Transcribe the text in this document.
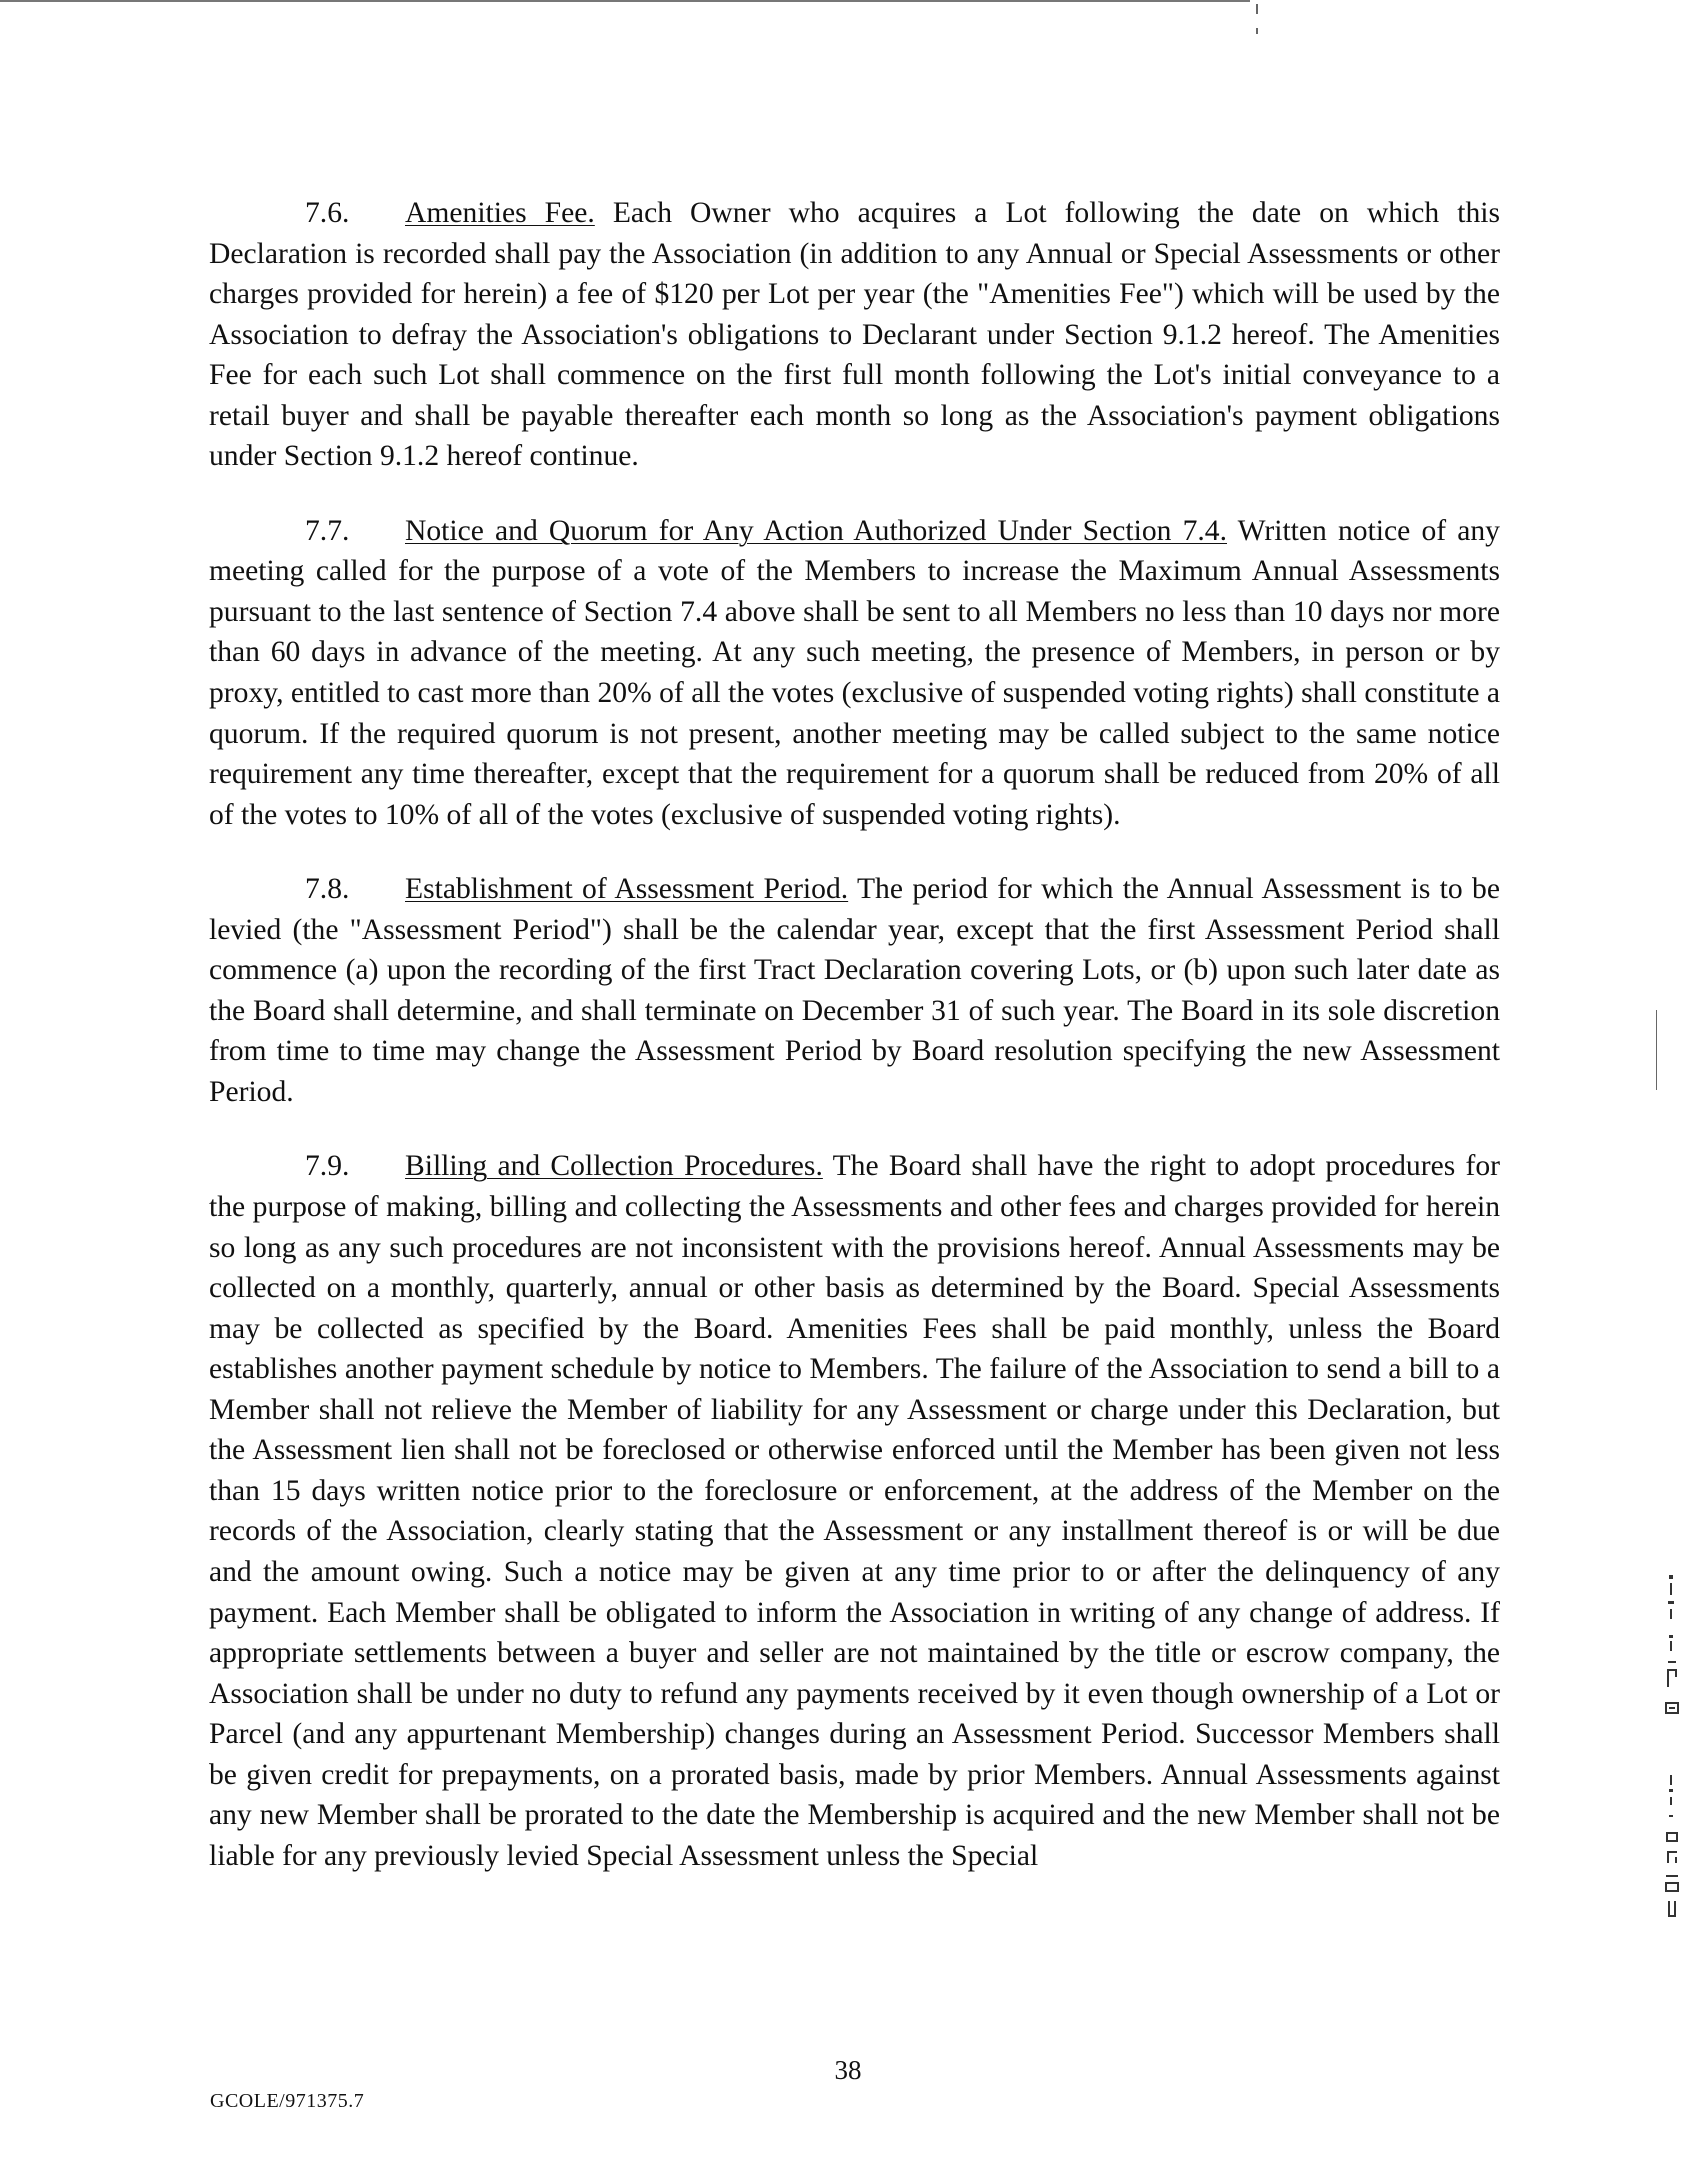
7.6. Amenities Fee. Each Owner who acquires a Lot following the date on which this Declaration is recorded shall pay the Association (in addition to any Annual or Special Assessments or other charges provided for herein) a fee of $120 per Lot per year (the "Amenities Fee") which will be used by the Association to defray the Association's obligations to Declarant under Section 9.1.2 hereof. The Amenities Fee for each such Lot shall commence on the first full month following the Lot's initial conveyance to a retail buyer and shall be payable thereafter each month so long as the Association's payment obligations under Section 9.1.2 hereof continue.

7.7. Notice and Quorum for Any Action Authorized Under Section 7.4. Written notice of any meeting called for the purpose of a vote of the Members to increase the Maximum Annual Assessments pursuant to the last sentence of Section 7.4 above shall be sent to all Members no less than 10 days nor more than 60 days in advance of the meeting. At any such meeting, the presence of Members, in person or by proxy, entitled to cast more than 20% of all the votes (exclusive of suspended voting rights) shall constitute a quorum. If the required quorum is not present, another meeting may be called subject to the same notice requirement any time thereafter, except that the requirement for a quorum shall be reduced from 20% of all of the votes to 10% of all of the votes (exclusive of suspended voting rights).

7.8. Establishment of Assessment Period. The period for which the Annual Assessment is to be levied (the "Assessment Period") shall be the calendar year, except that the first Assessment Period shall commence (a) upon the recording of the first Tract Declaration covering Lots, or (b) upon such later date as the Board shall determine, and shall terminate on December 31 of such year. The Board in its sole discretion from time to time may change the Assessment Period by Board resolution specifying the new Assessment Period.

7.9. Billing and Collection Procedures. The Board shall have the right to adopt procedures for the purpose of making, billing and collecting the Assessments and other fees and charges provided for herein so long as any such procedures are not inconsistent with the provisions hereof. Annual Assessments may be collected on a monthly, quarterly, annual or other basis as determined by the Board. Special Assessments may be collected as specified by the Board. Amenities Fees shall be paid monthly, unless the Board establishes another payment schedule by notice to Members. The failure of the Association to send a bill to a Member shall not relieve the Member of liability for any Assessment or charge under this Declaration, but the Assessment lien shall not be foreclosed or otherwise enforced until the Member has been given not less than 15 days written notice prior to the foreclosure or enforcement, at the address of the Member on the records of the Association, clearly stating that the Assessment or any installment thereof is or will be due and the amount owing. Such a notice may be given at any time prior to or after the delinquency of any payment. Each Member shall be obligated to inform the Association in writing of any change of address. If appropriate settlements between a buyer and seller are not maintained by the title or escrow company, the Association shall be under no duty to refund any payments received by it even though ownership of a Lot or Parcel (and any appurtenant Membership) changes during an Assessment Period. Successor Members shall be given credit for prepayments, on a prorated basis, made by prior Members. Annual Assessments against any new Member shall be prorated to the date the Membership is acquired and the new Member shall not be liable for any previously levied Special Assessment unless the Special

38
GCOLE/971375.7
